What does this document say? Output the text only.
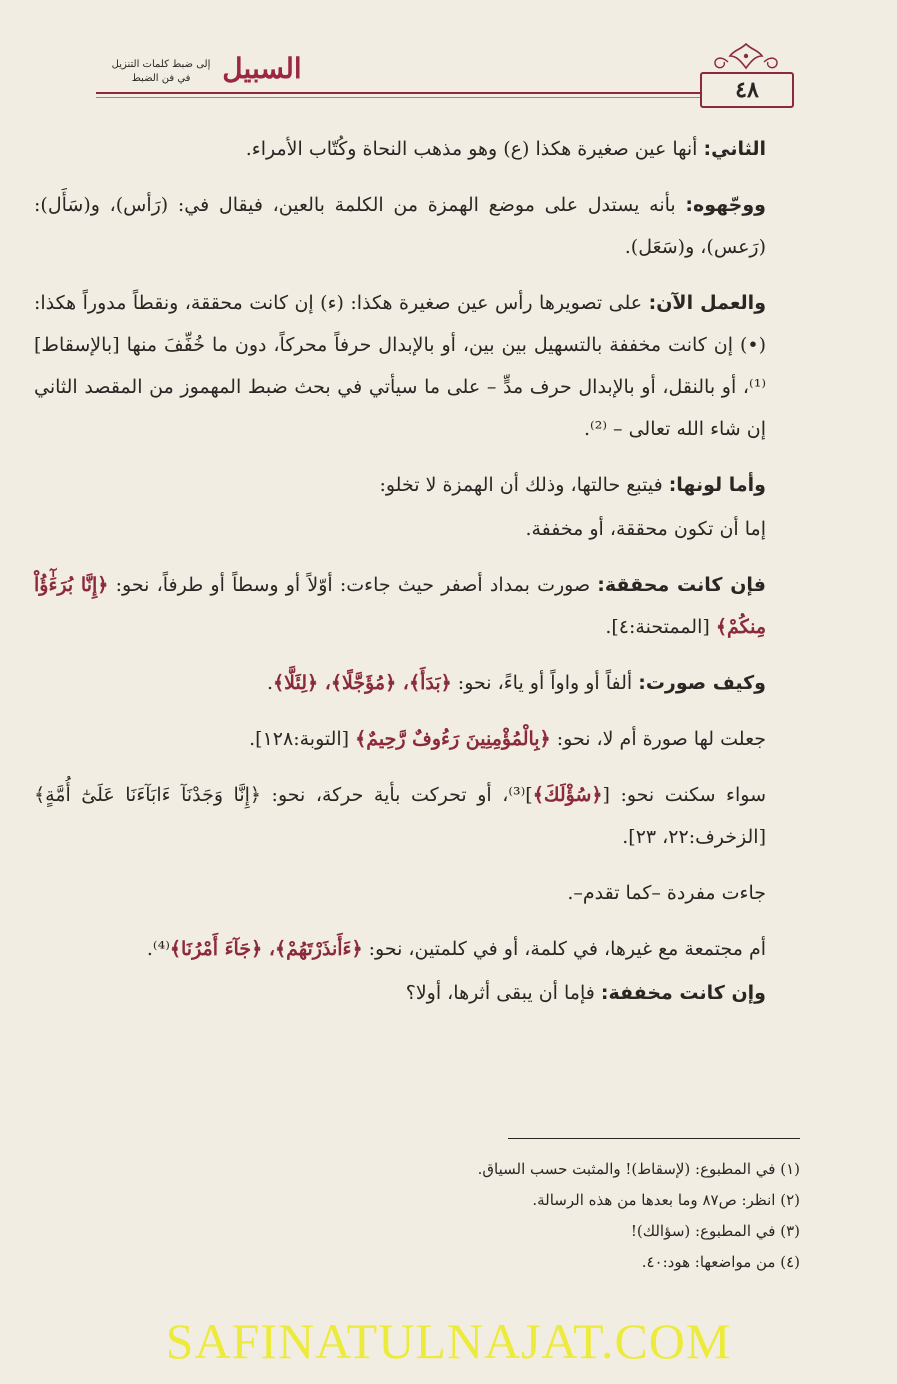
٤٨
السبيل
إلى ضبط كلمات التنزيل في فن الضبط

الثاني: أنها عين صغيرة هكذا (ع) وهو مذهب النحاة وكُتّاب الأمراء.

ووجّهوه: بأنه يستدل على موضع الهمزة من الكلمة بالعين، فيقال في: (رَأس)، و(سَأَل): (رَعس)، و(سَعَل).

والعمل الآن: على تصويرها رأس عين صغيرة هكذا: (ء) إن كانت محققة، ونقطاً مدوراً هكذا: (•) إن كانت مخففة بالتسهيل بين بين، أو بالإبدال حرفاً محركاً، دون ما خُفِّفَ منها [بالإسقاط]⁽¹⁾، أو بالنقل، أو بالإبدال حرف مدٍّ – على ما سيأتي في بحث ضبط المهموز من المقصد الثاني إن شاء الله تعالى – ⁽²⁾.

وأما لونها: فيتبع حالتها، وذلك أن الهمزة لا تخلو:

إما أن تكون محققة، أو مخففة.

فإن كانت محققة: صورت بمداد أصفر حيث جاءت: أوّلاً أو وسطاً أو طرفاً، نحو: ﴿إِنَّا بُرَءَٰٓؤُاْ مِنكُمْ﴾ [الممتحنة:٤].

وكيف صورت: ألفاً أو واواً أو ياءً، نحو: ﴿بَدَأَ﴾، ﴿مُؤَجَّلًا﴾، ﴿لِئَلَّا﴾.

جعلت لها صورة أم لا، نحو: ﴿بِالْمُؤْمِنِينَ رَءُوفٌ رَّحِيمٌ﴾ [التوبة:١٢٨].

سواء سكنت نحو: [﴿سُؤْلَكَ﴾]⁽³⁾، أو تحركت بأية حركة، نحو: ﴿إِنَّا وَجَدْنَآ ءَابَآءَنَا عَلَىٰٓ أُمَّةٍ﴾ [الزخرف:٢٢، ٢٣].

جاءت مفردة –كما تقدم–.

أم مجتمعة مع غيرها، في كلمة، أو في كلمتين، نحو: ﴿ءَأَنذَرْتَهُمْ﴾، ﴿جَآءَ أَمْرُنَا﴾⁽⁴⁾.

وإن كانت مخففة: فإما أن يبقى أثرها، أولا؟

(١) في المطبوع: (لإسقاط)! والمثبت حسب السياق.
(٢) انظر: ص٨٧ وما بعدها من هذه الرسالة.
(٣) في المطبوع: (سؤالك)!
(٤) من مواضعها: هود:٤٠.
SAFINATULNAJAT.COM
